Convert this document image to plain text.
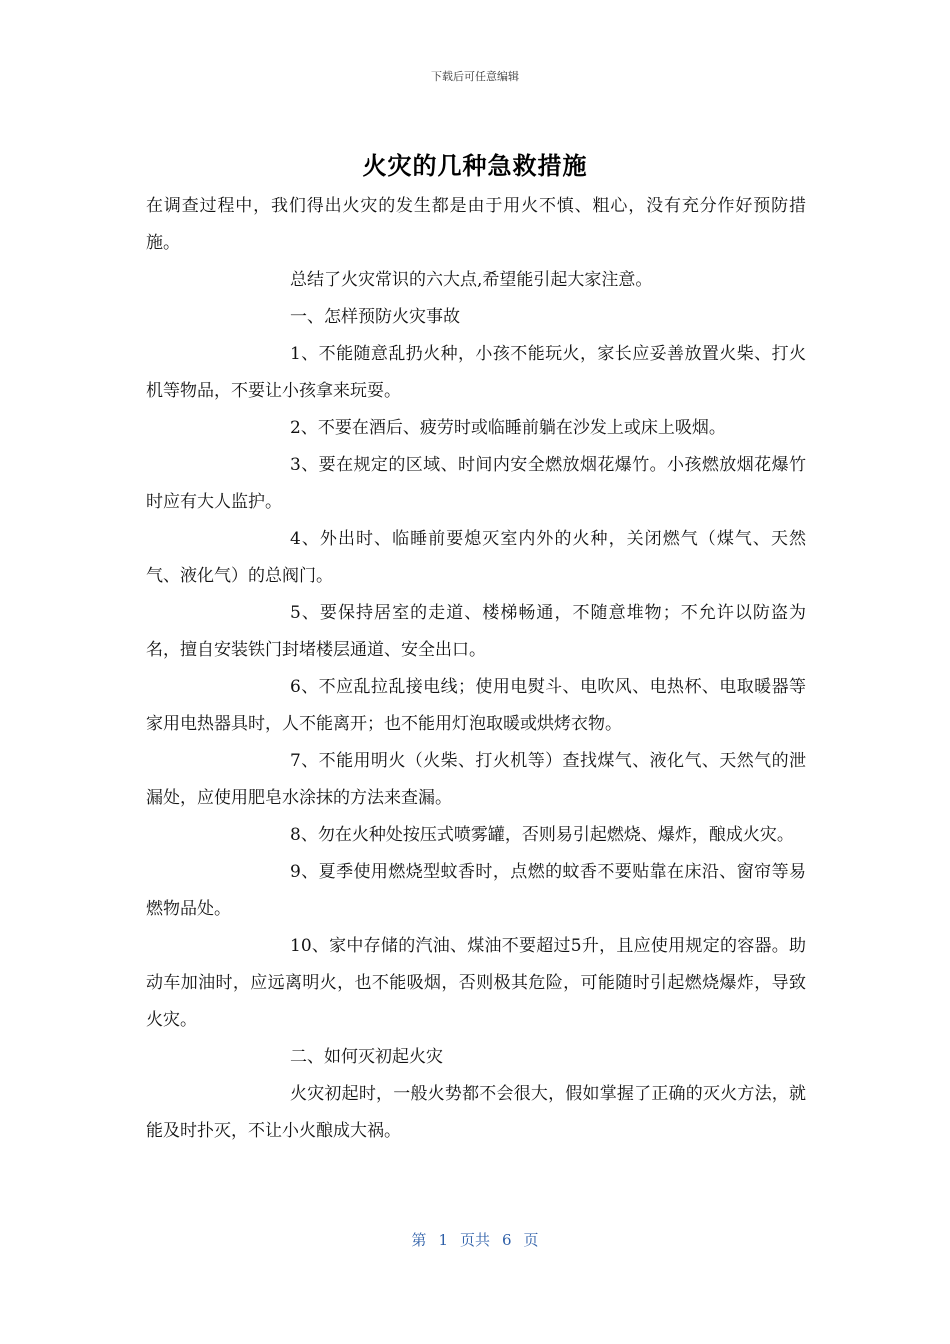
下载后可任意编辑
火灾的几种急救措施

在调查过程中，我们得出火灾的发生都是由于用火不慎、粗心，没有充分作好预防措施。

总结了火灾常识的六大点,希望能引起大家注意。

一、怎样预防火灾事故

1、不能随意乱扔火种，小孩不能玩火，家长应妥善放置火柴、打火机等物品，不要让小孩拿来玩耍。

2、不要在酒后、疲劳时或临睡前躺在沙发上或床上吸烟。

3、要在规定的区域、时间内安全燃放烟花爆竹。小孩燃放烟花爆竹时应有大人监护。

4、外出时、临睡前要熄灭室内外的火种，关闭燃气（煤气、天然气、液化气）的总阀门。

5、要保持居室的走道、楼梯畅通，不随意堆物；不允许以防盗为名，擅自安装铁门封堵楼层通道、安全出口。

6、不应乱拉乱接电线；使用电熨斗、电吹风、电热杯、电取暖器等家用电热器具时，人不能离开；也不能用灯泡取暖或烘烤衣物。

7、不能用明火（火柴、打火机等）查找煤气、液化气、天然气的泄漏处，应使用肥皂水涂抹的方法来查漏。

8、勿在火种处按压式喷雾罐，否则易引起燃烧、爆炸，酿成火灾。

9、夏季使用燃烧型蚊香时，点燃的蚊香不要贴靠在床沿、窗帘等易燃物品处。

10、家中存储的汽油、煤油不要超过5升，且应使用规定的容器。助动车加油时，应远离明火，也不能吸烟，否则极其危险，可能随时引起燃烧爆炸，导致火灾。

二、如何灭初起火灾

火灾初起时，一般火势都不会很大，假如掌握了正确的灭火方法，就能及时扑灭，不让小火酿成大祸。

第 1 页共 6 页
